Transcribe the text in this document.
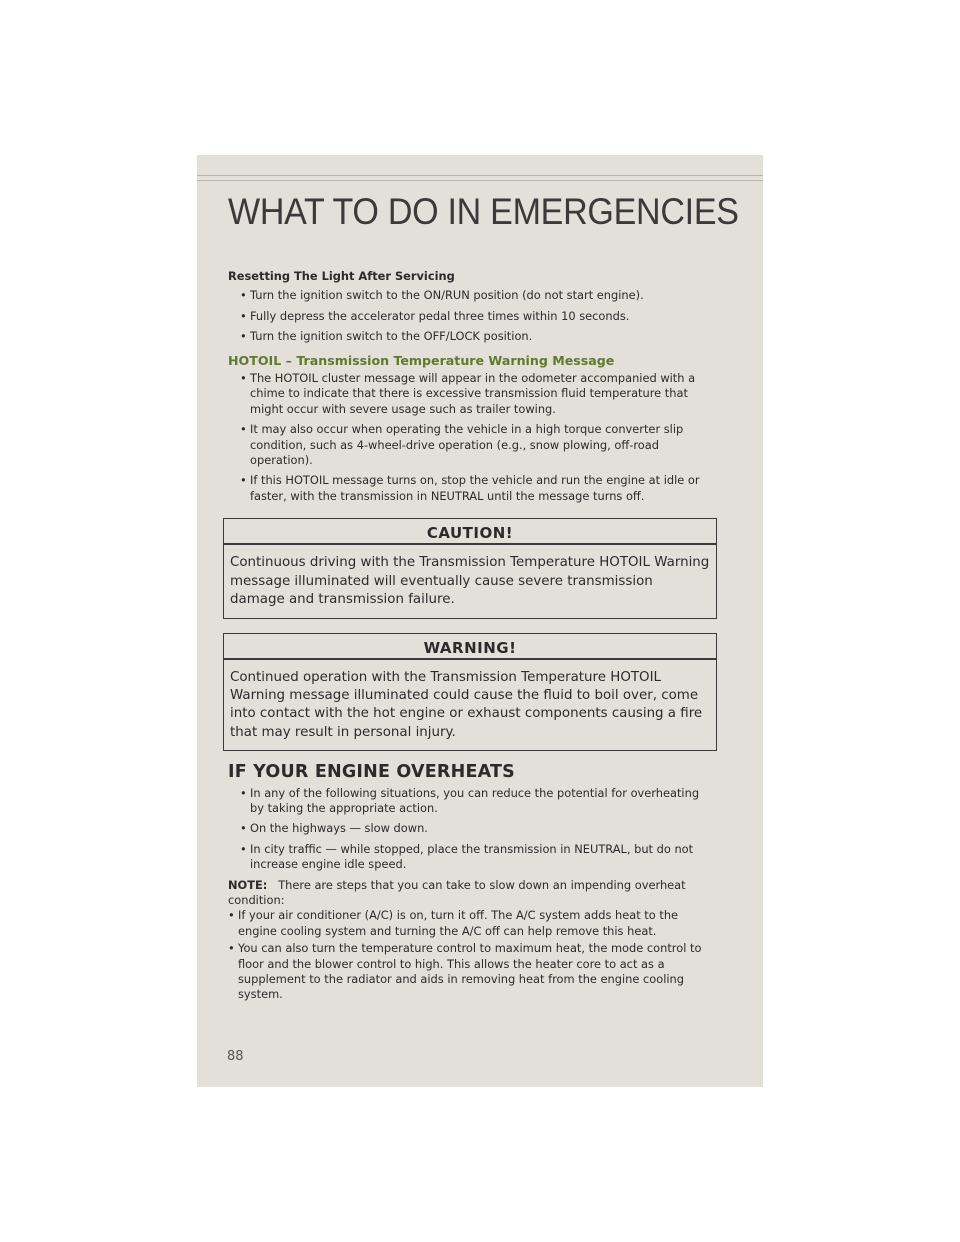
WHAT TO DO IN EMERGENCIES
Resetting The Light After Servicing
• Turn the ignition switch to the ON/RUN position (do not start engine).
• Fully depress the accelerator pedal three times within 10 seconds.
• Turn the ignition switch to the OFF/LOCK position.
HOTOIL – Transmission Temperature Warning Message
• The HOTOIL cluster message will appear in the odometer accompanied with a chime to indicate that there is excessive transmission fluid temperature that might occur with severe usage such as trailer towing.
• It may also occur when operating the vehicle in a high torque converter slip condition, such as 4-wheel-drive operation (e.g., snow plowing, off-road operation).
• If this HOTOIL message turns on, stop the vehicle and run the engine at idle or faster, with the transmission in NEUTRAL until the message turns off.
CAUTION!
Continuous driving with the Transmission Temperature HOTOIL Warning message illuminated will eventually cause severe transmission damage and transmission failure.
WARNING!
Continued operation with the Transmission Temperature HOTOIL Warning message illuminated could cause the fluid to boil over, come into contact with the hot engine or exhaust components causing a fire that may result in personal injury.
IF YOUR ENGINE OVERHEATS
• In any of the following situations, you can reduce the potential for overheating by taking the appropriate action.
• On the highways — slow down.
• In city traffic — while stopped, place the transmission in NEUTRAL, but do not increase engine idle speed.
NOTE: There are steps that you can take to slow down an impending overheat condition:
• If your air conditioner (A/C) is on, turn it off. The A/C system adds heat to the engine cooling system and turning the A/C off can help remove this heat.
• You can also turn the temperature control to maximum heat, the mode control to floor and the blower control to high. This allows the heater core to act as a supplement to the radiator and aids in removing heat from the engine cooling system.
88
